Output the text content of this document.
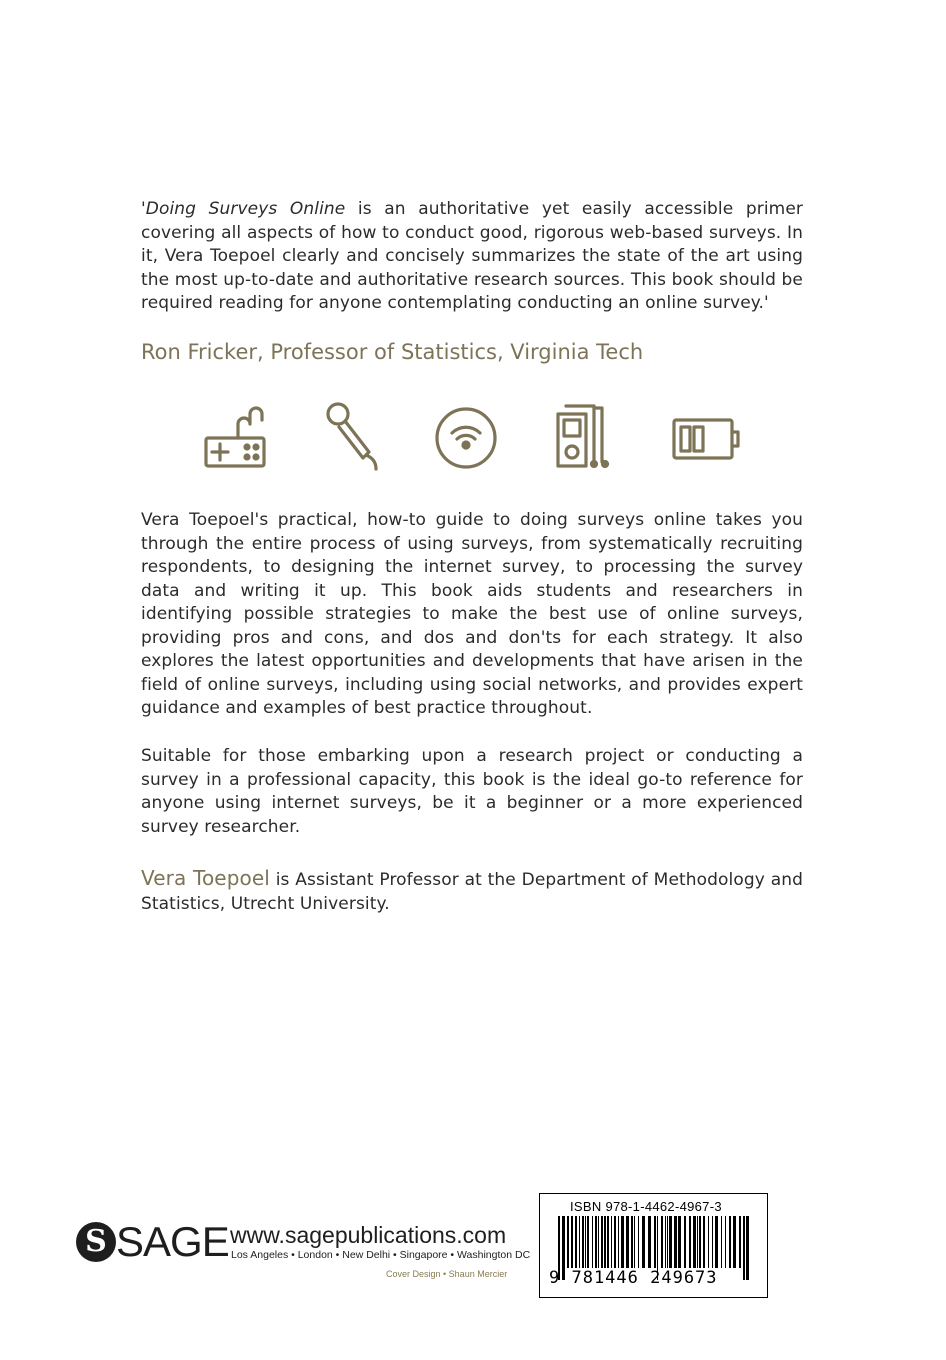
'Doing Surveys Online is an authoritative yet easily accessible primer covering all aspects of how to conduct good, rigorous web-based surveys. In it, Vera Toepoel clearly and concisely summarizes the state of the art using the most up-to-date and authoritative research sources. This book should be required reading for anyone contemplating conducting an online survey.'
Ron Fricker, Professor of Statistics, Virginia Tech
Vera Toepoel's practical, how-to guide to doing surveys online takes you through the entire process of using surveys, from systematically recruiting respondents, to designing the internet survey, to processing the survey data and writing it up. This book aids students and researchers in identifying possible strategies to make the best use of online surveys, providing pros and cons, and dos and don'ts for each strategy. It also explores the latest opportunities and developments that have arisen in the field of online surveys, including using social networks, and provides expert guidance and examples of best practice throughout.
Suitable for those embarking upon a research project or conducting a survey in a professional capacity, this book is the ideal go-to reference for anyone using internet surveys, be it a beginner or a more experienced survey researcher.
Vera Toepoel is Assistant Professor at the Department of Methodology and Statistics, Utrecht University.
S SAGE www.sagepublications.com
Los Angeles • London • New Delhi • Singapore • Washington DC
Cover Design • Shaun Mercier
ISBN 978-1-4462-4967-3
9 781446 249673
